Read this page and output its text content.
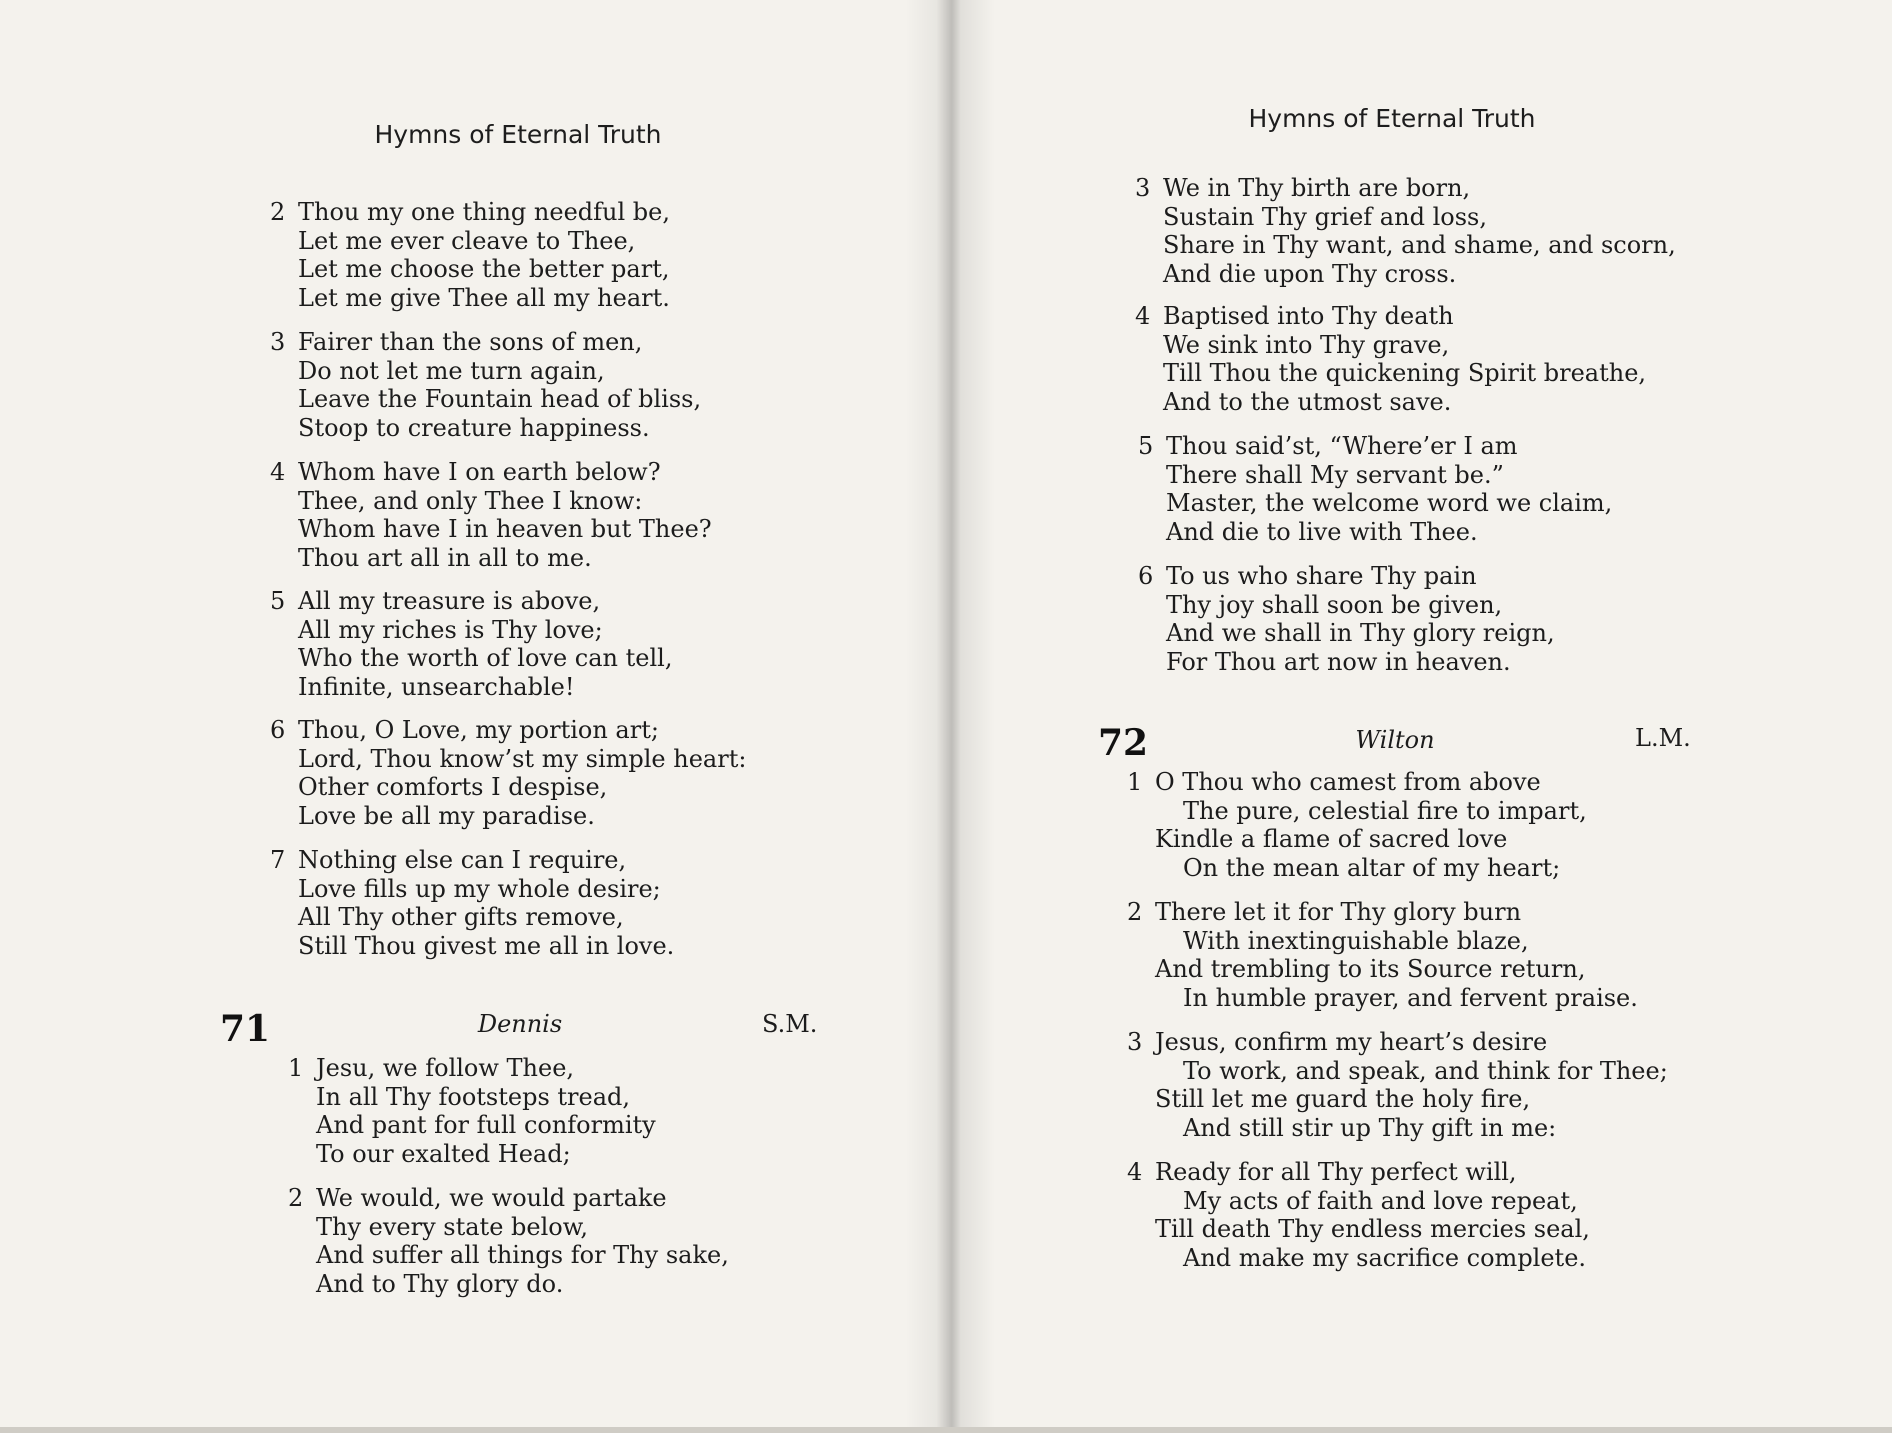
Hymns of Eternal Truth
2 Thou my one thing needful be,
Let me ever cleave to Thee,
Let me choose the better part,
Let me give Thee all my heart.
3 Fairer than the sons of men,
Do not let me turn again,
Leave the Fountain head of bliss,
Stoop to creature happiness.
4 Whom have I on earth below?
Thee, and only Thee I know:
Whom have I in heaven but Thee?
Thou art all in all to me.
5 All my treasure is above,
All my riches is Thy love;
Who the worth of love can tell,
Infinite, unsearchable!
6 Thou, O Love, my portion art;
Lord, Thou know’st my simple heart:
Other comforts I despise,
Love be all my paradise.
7 Nothing else can I require,
Love fills up my whole desire;
All Thy other gifts remove,
Still Thou givest me all in love.
71	Dennis	S.M.
1 Jesu, we follow Thee,
In all Thy footsteps tread,
And pant for full conformity
To our exalted Head;
2 We would, we would partake
Thy every state below,
And suffer all things for Thy sake,
And to Thy glory do.
Hymns of Eternal Truth
3 We in Thy birth are born,
Sustain Thy grief and loss,
Share in Thy want, and shame, and scorn,
And die upon Thy cross.
4 Baptised into Thy death
We sink into Thy grave,
Till Thou the quickening Spirit breathe,
And to the utmost save.
5 Thou said’st, “Where’er I am
There shall My servant be.”
Master, the welcome word we claim,
And die to live with Thee.
6 To us who share Thy pain
Thy joy shall soon be given,
And we shall in Thy glory reign,
For Thou art now in heaven.
72	Wilton	L.M.
1 O Thou who camest from above
The pure, celestial fire to impart,
Kindle a flame of sacred love
On the mean altar of my heart;
2 There let it for Thy glory burn
With inextinguishable blaze,
And trembling to its Source return,
In humble prayer, and fervent praise.
3 Jesus, confirm my heart’s desire
To work, and speak, and think for Thee;
Still let me guard the holy fire,
And still stir up Thy gift in me:
4 Ready for all Thy perfect will,
My acts of faith and love repeat,
Till death Thy endless mercies seal,
And make my sacrifice complete.
